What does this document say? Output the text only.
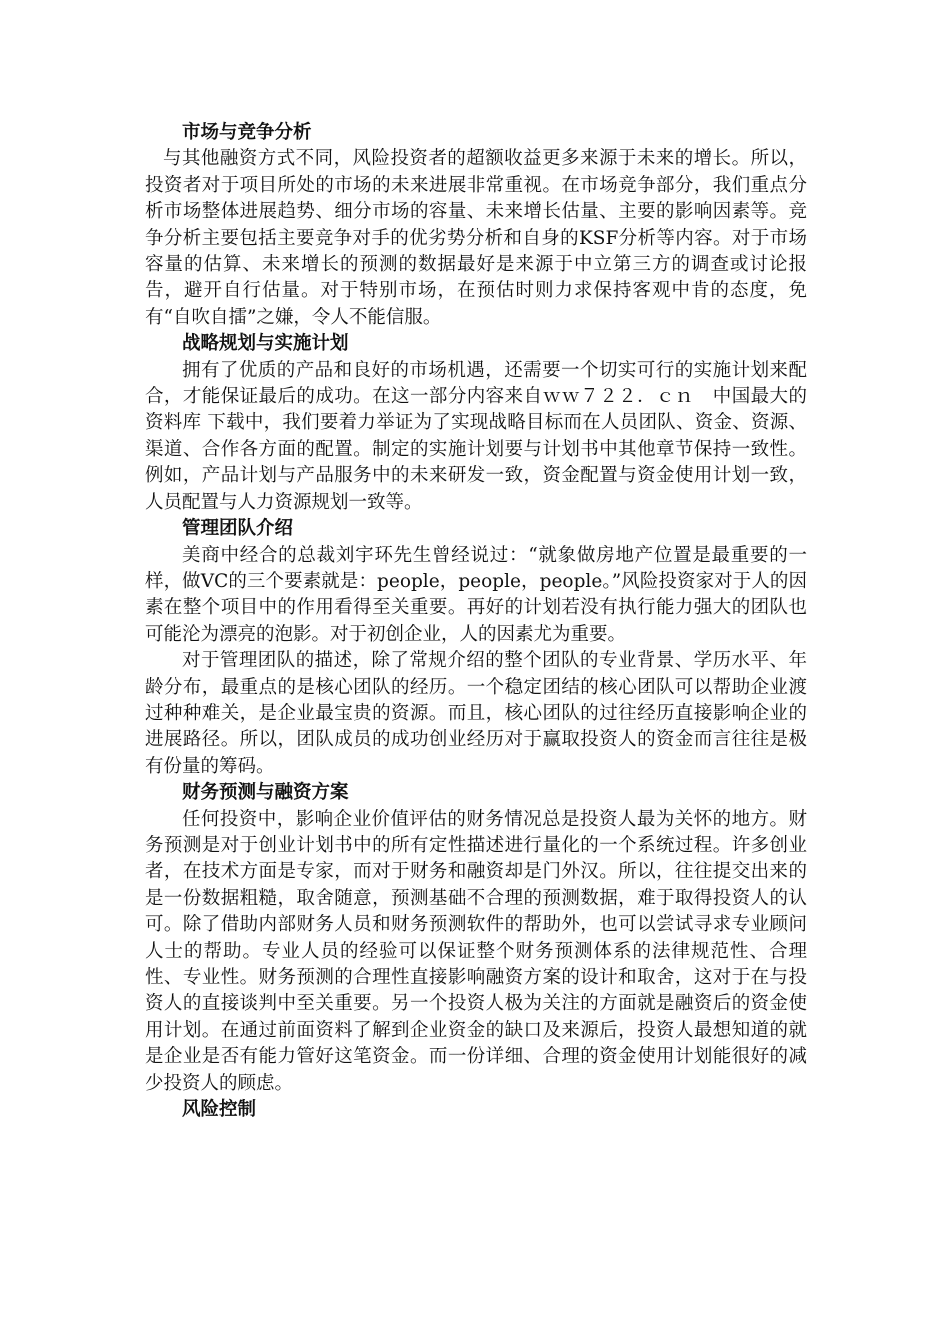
市场与竞争分析

与其他融资方式不同，风险投资者的超额收益更多来源于未来的增长。所以，投资者对于项目所处的市场的未来进展非常重视。在市场竞争部分，我们重点分析市场整体进展趋势、细分市场的容量、未来增长估量、主要的影响因素等。竞争分析主要包括主要竞争对手的优劣势分析和自身的KSF分析等内容。对于市场容量的估算、未来增长的预测的数据最好是来源于中立第三方的调查或讨论报告，避开自行估量。对于特别市场，在预估时则力求保持客观中肯的态度，免有“自吹自擂”之嫌，令人不能信服。

战略规划与实施计划

拥有了优质的产品和良好的市场机遇，还需要一个切实可行的实施计划来配合，才能保证最后的成功。在这一部分内容来自ｗｗ７２２．ｃｎ　中国最大的 资料库 下载中，我们要着力举证为了实现战略目标而在人员团队、资金、资源、渠道、合作各方面的配置。制定的实施计划要与计划书中其他章节保持一致性。例如，产品计划与产品服务中的未来研发一致，资金配置与资金使用计划一致，人员配置与人力资源规划一致等。

管理团队介绍

美商中经合的总裁刘宇环先生曾经说过：“就象做房地产位置是最重要的一样，做VC的三个要素就是：people，people，people。”风险投资家对于人的因素在整个项目中的作用看得至关重要。再好的计划若没有执行能力强大的团队也可能沦为漂亮的泡影。对于初创企业，人的因素尤为重要。

对于管理团队的描述，除了常规介绍的整个团队的专业背景、学历水平、年龄分布，最重点的是核心团队的经历。一个稳定团结的核心团队可以帮助企业渡过种种难关，是企业最宝贵的资源。而且，核心团队的过往经历直接影响企业的进展路径。所以，团队成员的成功创业经历对于赢取投资人的资金而言往往是极有份量的筹码。

财务预测与融资方案

任何投资中，影响企业价值评估的财务情况总是投资人最为关怀的地方。财务预测是对于创业计划书中的所有定性描述进行量化的一个系统过程。许多创业者，在技术方面是专家，而对于财务和融资却是门外汉。所以，往往提交出来的是一份数据粗糙，取舍随意，预测基础不合理的预测数据，难于取得投资人的认可。除了借助内部财务人员和财务预测软件的帮助外，也可以尝试寻求专业顾问人士的帮助。专业人员的经验可以保证整个财务预测体系的法律规范性、合理性、专业性。财务预测的合理性直接影响融资方案的设计和取舍，这对于在与投资人的直接谈判中至关重要。另一个投资人极为关注的方面就是融资后的资金使用计划。在通过前面资料了解到企业资金的缺口及来源后，投资人最想知道的就是企业是否有能力管好这笔资金。而一份详细、合理的资金使用计划能很好的减少投资人的顾虑。

风险控制
